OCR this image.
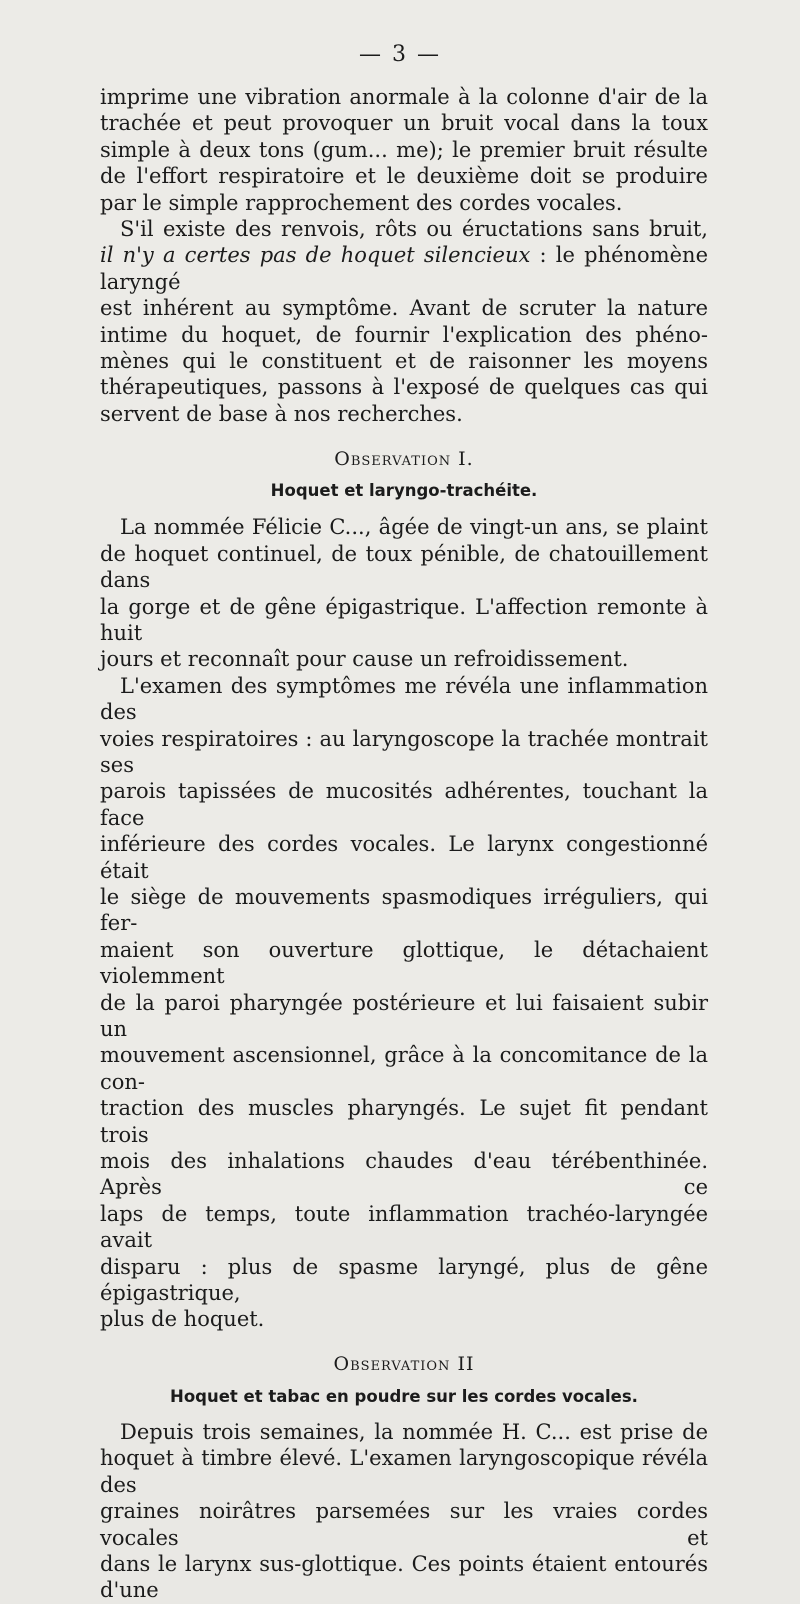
— 3 —

imprime une vibration anormale à la colonne d'air de la
trachée et peut provoquer un bruit vocal dans la toux
simple à deux tons (gum... me); le premier bruit résulte
de l'effort respiratoire et le deuxième doit se produire
par le simple rapprochement des cordes vocales.

S'il existe des renvois, rôts ou éructations sans bruit,
il n'y a certes pas de hoquet silencieux : le phénomène laryngé
est inhérent au symptôme. Avant de scruter la nature
intime du hoquet, de fournir l'explication des phéno-
mènes qui le constituent et de raisonner les moyens
thérapeutiques, passons à l'exposé de quelques cas qui
servent de base à nos recherches.

Observation I.

Hoquet et laryngo-trachéite.

La nommée Félicie C..., âgée de vingt-un ans, se plaint
de hoquet continuel, de toux pénible, de chatouillement dans
la gorge et de gêne épigastrique. L'affection remonte à huit
jours et reconnaît pour cause un refroidissement.

L'examen des symptômes me révéla une inflammation des
voies respiratoires : au laryngoscope la trachée montrait ses
parois tapissées de mucosités adhérentes, touchant la face
inférieure des cordes vocales. Le larynx congestionné était
le siège de mouvements spasmodiques irréguliers, qui fer-
maient son ouverture glottique, le détachaient violemment
de la paroi pharyngée postérieure et lui faisaient subir un
mouvement ascensionnel, grâce à la concomitance de la con-
traction des muscles pharyngés. Le sujet fit pendant trois
mois des inhalations chaudes d'eau térébenthinée. Après ce
laps de temps, toute inflammation trachéo-laryngée avait
disparu : plus de spasme laryngé, plus de gêne épigastrique,
plus de hoquet.

Observation II

Hoquet et tabac en poudre sur les cordes vocales.

Depuis trois semaines, la nommée H. C... est prise de
hoquet à timbre élevé. L'examen laryngoscopique révéla des
graines noirâtres parsemées sur les vraies cordes vocales et
dans le larynx sus-glottique. Ces points étaient entourés d'une
